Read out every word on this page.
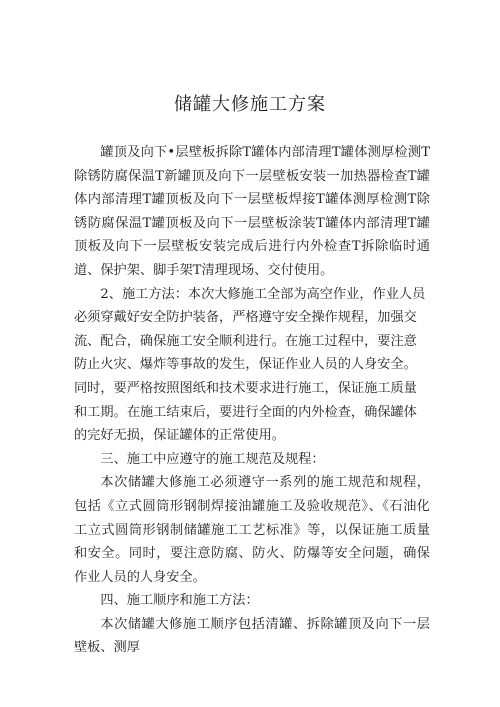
储罐大修施工方案

罐顶及向下•层壁板拆除T罐体内部清理T罐体测厚检测T除锈防腐保温T新罐顶及向下一层壁板安装一加热器检查T罐体内部清理T罐顶板及向下一层壁板焊接T罐体测厚检测T除锈防腐保温T罐顶板及向下一层壁板涂装T罐体内部清理T罐顶板及向下一层壁板安装完成后进行内外检查T拆除临时通道、保护架、脚手架T清理现场、交付使用。

2、施工方法：本次大修施工全部为高空作业，作业人员必须穿戴好安全防护装备，严格遵守安全操作规程，加强交流、配合，确保施工安全顺利进行。在施工过程中，要注意防止火灾、爆炸等事故的发生，保证作业人员的人身安全。同时，要严格按照图纸和技术要求进行施工，保证施工质量和工期。在施工结束后，要进行全面的内外检查，确保罐体的完好无损，保证罐体的正常使用。

三、施工中应遵守的施工规范及规程：

本次储罐大修施工必须遵守一系列的施工规范和规程，包括《立式圆筒形钢制焊接油罐施工及验收规范》、《石油化工立式圆筒形钢制储罐施工工艺标准》等，以保证施工质量和安全。同时，要注意防腐、防火、防爆等安全问题，确保作业人员的人身安全。

四、施工顺序和施工方法：

本次储罐大修施工顺序包括清罐、拆除罐顶及向下一层壁板、测厚
